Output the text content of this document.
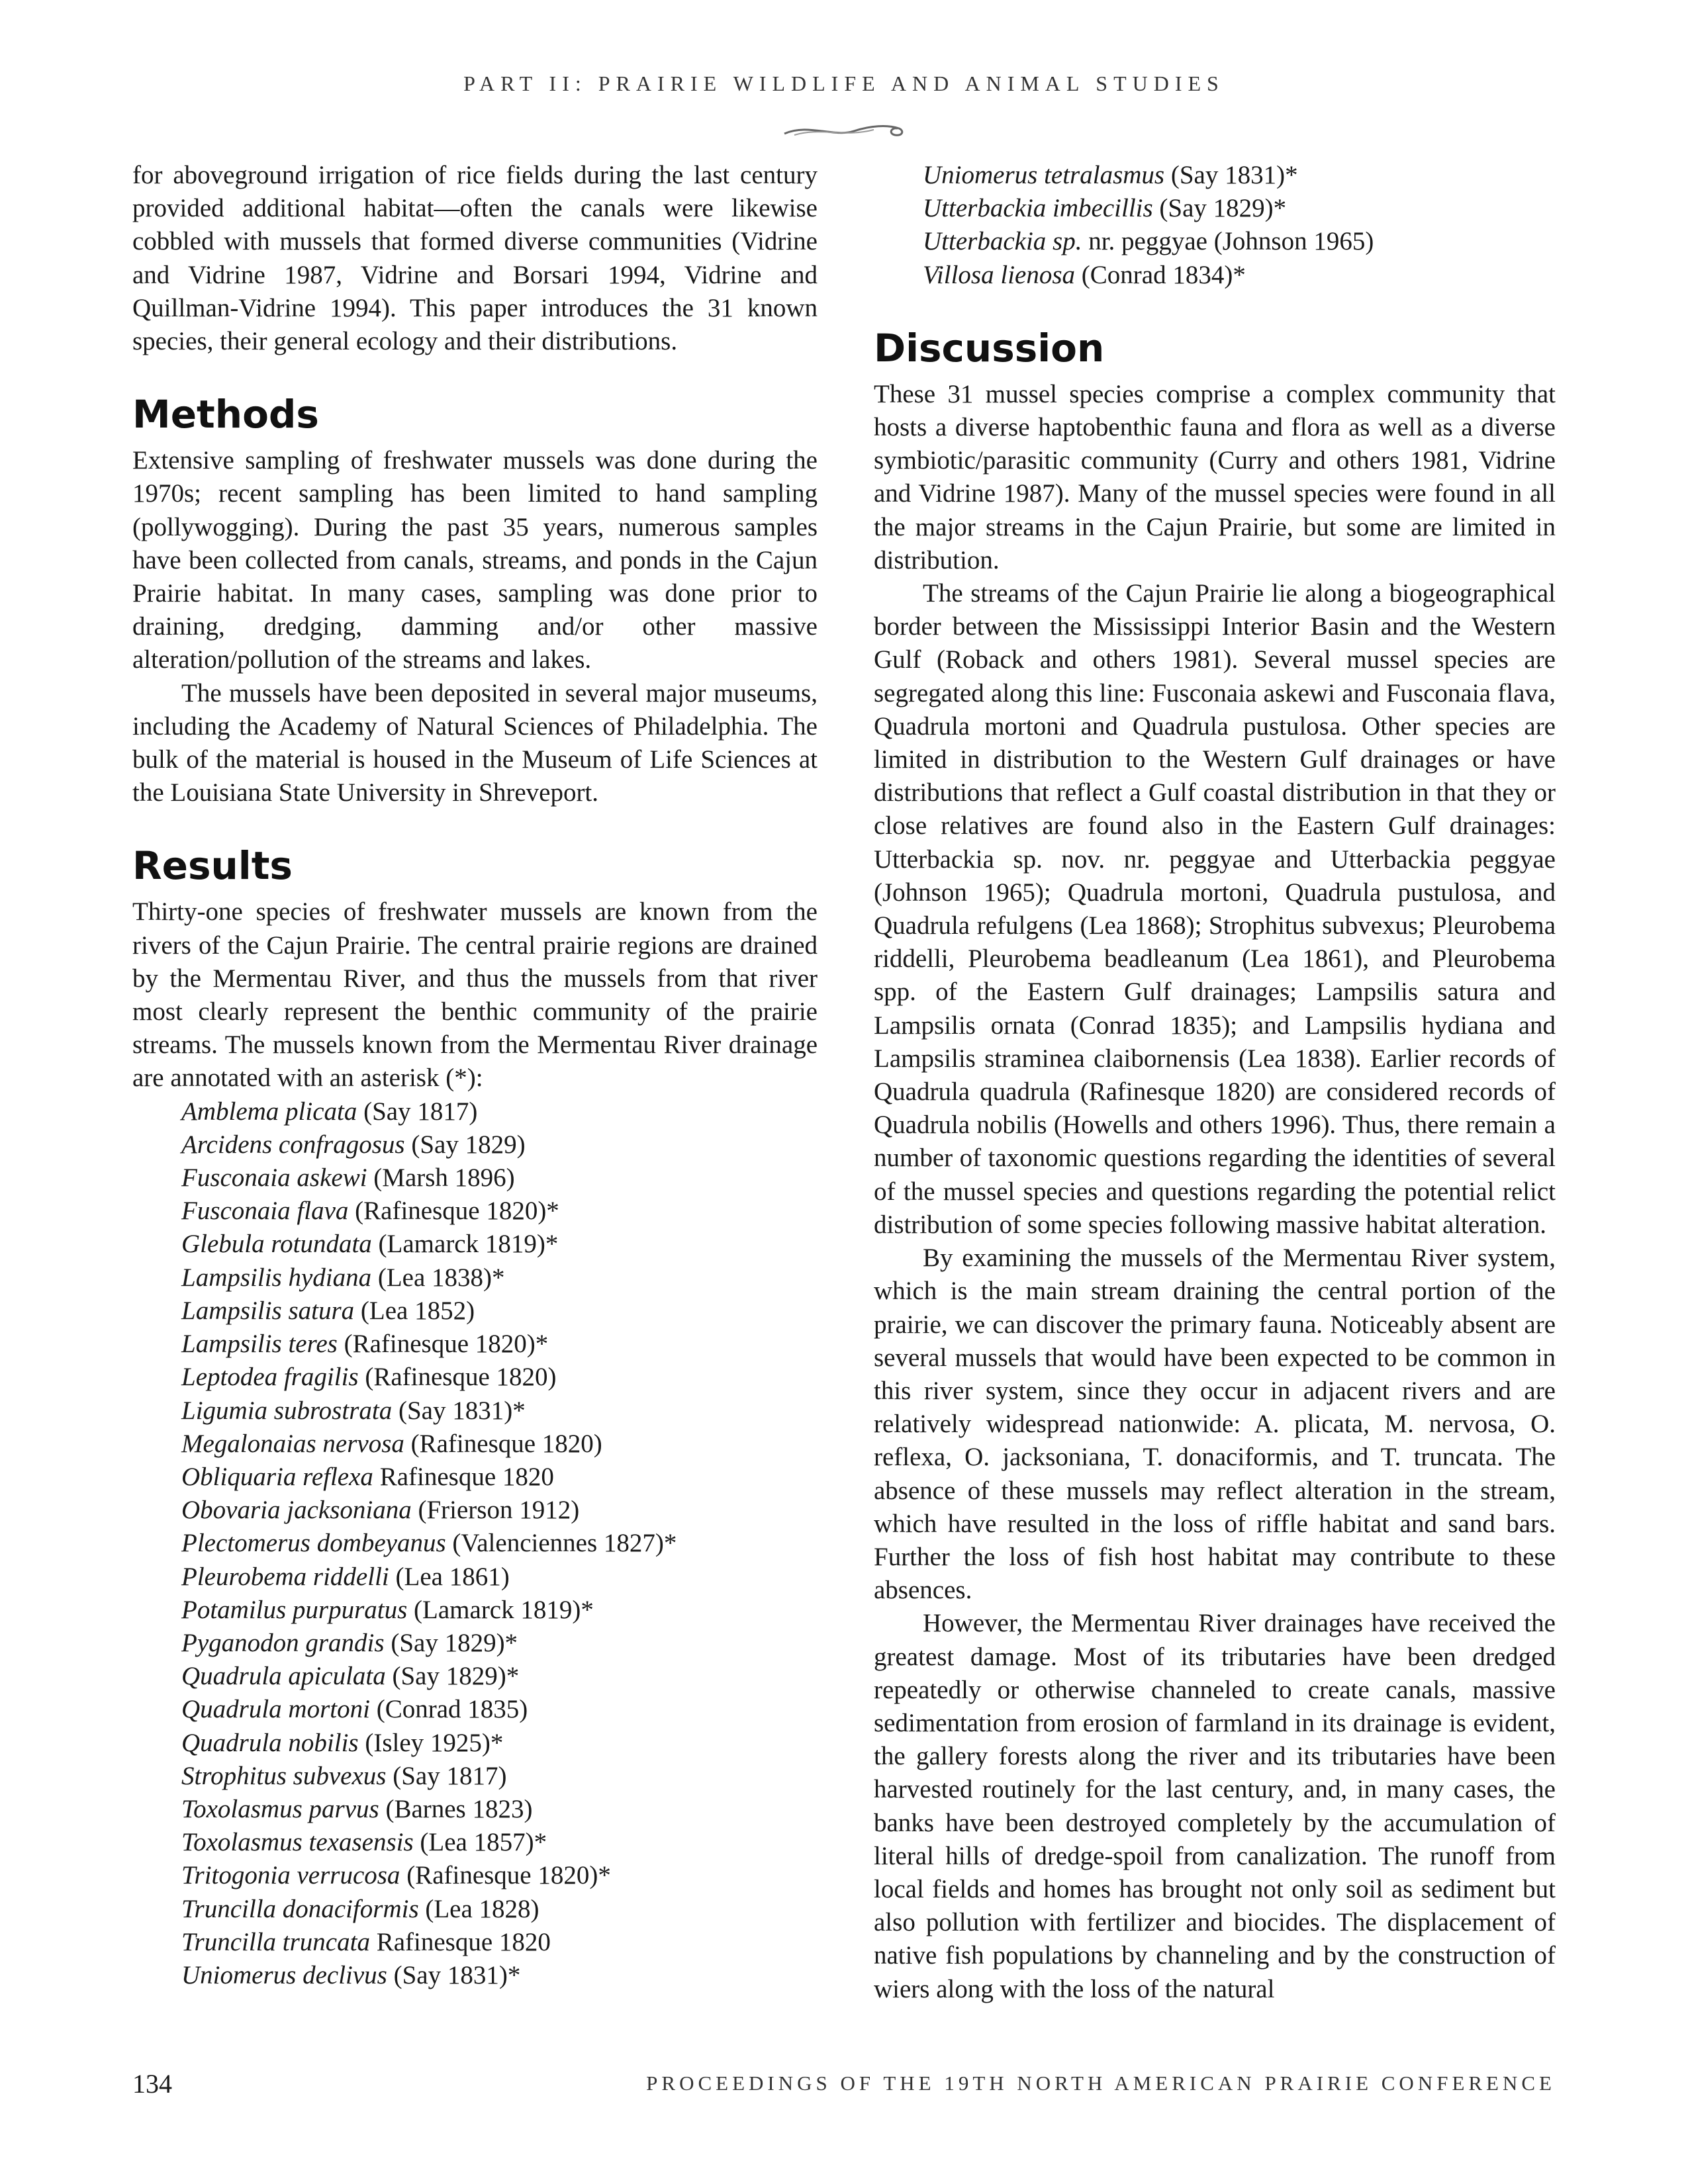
PART II: PRAIRIE WILDLIFE AND ANIMAL STUDIES

for aboveground irrigation of rice fields during the last century provided additional habitat—often the canals were likewise cobbled with mussels that formed diverse communities (Vidrine and Vidrine 1987, Vidrine and Borsari 1994, Vidrine and Quillman-Vidrine 1994). This paper introduces the 31 known species, their general ecology and their distributions.

Methods

Extensive sampling of freshwater mussels was done during the 1970s; recent sampling has been limited to hand sampling (pollywogging). During the past 35 years, numerous samples have been collected from canals, streams, and ponds in the Cajun Prairie habitat. In many cases, sampling was done prior to draining, dredging, damming and/or other massive alteration/pollution of the streams and lakes.

The mussels have been deposited in several major museums, including the Academy of Natural Sciences of Philadelphia. The bulk of the material is housed in the Museum of Life Sciences at the Louisiana State University in Shreveport.

Results

Thirty-one species of freshwater mussels are known from the rivers of the Cajun Prairie. The central prairie regions are drained by the Mermentau River, and thus the mussels from that river most clearly represent the benthic community of the prairie streams. The mussels known from the Mermentau River drainage are annotated with an asterisk (*):

Amblema plicata (Say 1817)
Arcidens confragosus (Say 1829)
Fusconaia askewi (Marsh 1896)
Fusconaia flava (Rafinesque 1820)*
Glebula rotundata (Lamarck 1819)*
Lampsilis hydiana (Lea 1838)*
Lampsilis satura (Lea 1852)
Lampsilis teres (Rafinesque 1820)*
Leptodea fragilis (Rafinesque 1820)
Ligumia subrostrata (Say 1831)*
Megalonaias nervosa (Rafinesque 1820)
Obliquaria reflexa Rafinesque 1820
Obovaria jacksoniana (Frierson 1912)
Plectomerus dombeyanus (Valenciennes 1827)*
Pleurobema riddelli (Lea 1861)
Potamilus purpuratus (Lamarck 1819)*
Pyganodon grandis (Say 1829)*
Quadrula apiculata (Say 1829)*
Quadrula mortoni (Conrad 1835)
Quadrula nobilis (Isley 1925)*
Strophitus subvexus (Say 1817)
Toxolasmus parvus (Barnes 1823)
Toxolasmus texasensis (Lea 1857)*
Tritogonia verrucosa (Rafinesque 1820)*
Truncilla donaciformis (Lea 1828)
Truncilla truncata Rafinesque 1820
Uniomerus declivus (Say 1831)*
Uniomerus tetralasmus (Say 1831)*
Utterbackia imbecillis (Say 1829)*
Utterbackia sp. nr. peggyae (Johnson 1965)
Villosa lienosa (Conrad 1834)*
Discussion

These 31 mussel species comprise a complex community that hosts a diverse haptobenthic fauna and flora as well as a diverse symbiotic/parasitic community (Curry and others 1981, Vidrine and Vidrine 1987). Many of the mussel species were found in all the major streams in the Cajun Prairie, but some are limited in distribution.

The streams of the Cajun Prairie lie along a biogeographical border between the Mississippi Interior Basin and the Western Gulf (Roback and others 1981). Several mussel species are segregated along this line: Fusconaia askewi and Fusconaia flava, Quadrula mortoni and Quadrula pustulosa. Other species are limited in distribution to the Western Gulf drainages or have distributions that reflect a Gulf coastal distribution in that they or close relatives are found also in the Eastern Gulf drainages: Utterbackia sp. nov. nr. peggyae and Utterbackia peggyae (Johnson 1965); Quadrula mortoni, Quadrula pustulosa, and Quadrula refulgens (Lea 1868); Strophitus subvexus; Pleurobema riddelli, Pleurobema beadleanum (Lea 1861), and Pleurobema spp. of the Eastern Gulf drainages; Lampsilis satura and Lampsilis ornata (Conrad 1835); and Lampsilis hydiana and Lampsilis straminea claibornensis (Lea 1838). Earlier records of Quadrula quadrula (Rafinesque 1820) are considered records of Quadrula nobilis (Howells and others 1996). Thus, there remain a number of taxonomic questions regarding the identities of several of the mussel species and questions regarding the potential relict distribution of some species following massive habitat alteration.

By examining the mussels of the Mermentau River system, which is the main stream draining the central portion of the prairie, we can discover the primary fauna. Noticeably absent are several mussels that would have been expected to be common in this river system, since they occur in adjacent rivers and are relatively widespread nationwide: A. plicata, M. nervosa, O. reflexa, O. jacksoniana, T. donaciformis, and T. truncata. The absence of these mussels may reflect alteration in the stream, which have resulted in the loss of riffle habitat and sand bars. Further the loss of fish host habitat may contribute to these absences.

However, the Mermentau River drainages have received the greatest damage. Most of its tributaries have been dredged repeatedly or otherwise channeled to create canals, massive sedimentation from erosion of farmland in its drainage is evident, the gallery forests along the river and its tributaries have been harvested routinely for the last century, and, in many cases, the banks have been destroyed completely by the accumulation of literal hills of dredge-spoil from canalization. The runoff from local fields and homes has brought not only soil as sediment but also pollution with fertilizer and biocides. The displacement of native fish populations by channeling and by the construction of wiers along with the loss of the natural

134	PROCEEDINGS OF THE 19TH NORTH AMERICAN PRAIRIE CONFERENCE
